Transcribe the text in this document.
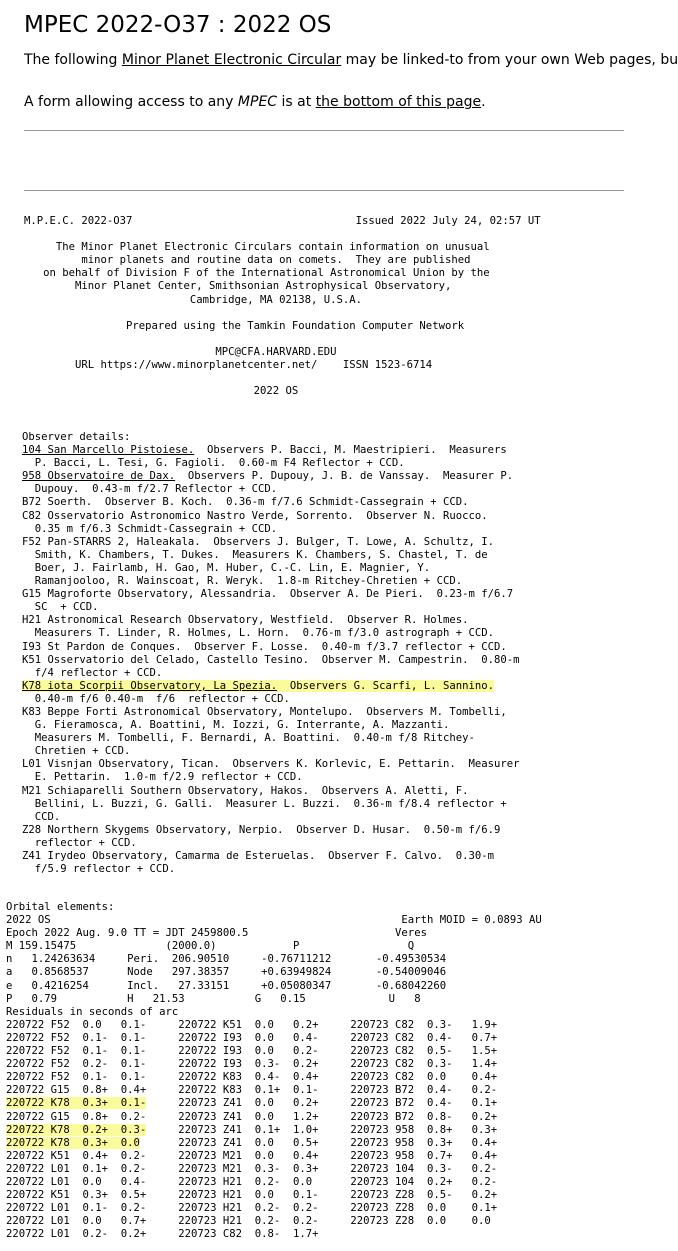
MPEC 2022-O37 : 2022 OS

The following Minor Planet Electronic Circular may be linked-to from your own Web pages, bu

A form allowing access to any MPEC is at the bottom of this page.

M.P.E.C. 2022-O37                                   Issued 2022 July 24, 02:57 UT
The Minor Planet Electronic Circulars contain information on unusual
minor planets and routine data on comets.  They are published
on behalf of Division F of the International Astronomical Union by the
Minor Planet Center, Smithsonian Astrophysical Observatory,
Cambridge, MA 02138, U.S.A.
Prepared using the Tamkin Foundation Computer Network
MPC@CFA.HARVARD.EDU
URL https://www.minorplanetcenter.net/    ISSN 1523-6714
2022 OS
Observer details:
104 San Marcello Pistoiese.  Observers P. Bacci, M. Maestripieri.  Measurers
P. Bacci, L. Tesi, G. Fagioli.  0.60-m F4 Reflector + CCD.
958 Observatoire de Dax.  Observers P. Dupouy, J. B. de Vanssay.  Measurer P.
Dupouy.  0.43-m f/2.7 Reflector + CCD.
B72 Soerth.  Observer B. Koch.  0.36-m f/7.6 Schmidt-Cassegrain + CCD.
C82 Osservatorio Astronomico Nastro Verde, Sorrento.  Observer N. Ruocco.
0.35 m f/6.3 Schmidt-Cassegrain + CCD.
F52 Pan-STARRS 2, Haleakala.  Observers J. Bulger, T. Lowe, A. Schultz, I.
Smith, K. Chambers, T. Dukes.  Measurers K. Chambers, S. Chastel, T. de
Boer, J. Fairlamb, H. Gao, M. Huber, C.-C. Lin, E. Magnier, Y.
Ramanjooloo, R. Wainscoat, R. Weryk.  1.8-m Ritchey-Chretien + CCD.
G15 Magroforte Observatory, Alessandria.  Observer A. De Pieri.  0.23-m f/6.7
SC  + CCD.
H21 Astronomical Research Observatory, Westfield.  Observer R. Holmes.
Measurers T. Linder, R. Holmes, L. Horn.  0.76-m f/3.0 astrograph + CCD.
I93 St Pardon de Conques.  Observer F. Losse.  0.40-m f/3.7 reflector + CCD.
K51 Osservatorio del Celado, Castello Tesino.  Observer M. Campestrin.  0.80-m
f/4 reflector + CCD.
K78 iota Scorpii Observatory, La Spezia.  Observers G. Scarfi, L. Sannino.
0.40-m f/6 0.40-m  f/6  reflector + CCD.
K83 Beppe Forti Astronomical Observatory, Montelupo.  Observers M. Tombelli,
G. Fieramosca, A. Boattini, M. Iozzi, G. Interrante, A. Mazzanti.
Measurers M. Tombelli, F. Bernardi, A. Boattini.  0.40-m f/8 Ritchey-
Chretien + CCD.
L01 Visnjan Observatory, Tican.  Observers K. Korlevic, E. Pettarin.  Measurer
E. Pettarin.  1.0-m f/2.9 reflector + CCD.
M21 Schiaparelli Southern Observatory, Hakos.  Observers A. Aletti, F.
Bellini, L. Buzzi, G. Galli.  Measurer L. Buzzi.  0.36-m f/8.4 reflector +
CCD.
Z28 Northern Skygems Observatory, Nerpio.  Observer D. Husar.  0.50-m f/6.9
reflector + CCD.
Z41 Irydeo Observatory, Camarma de Esteruelas.  Observer F. Calvo.  0.30-m
f/5.9 reflector + CCD.
Orbital elements:
2022 OS                                                       Earth MOID = 0.0893 AU
Epoch 2022 Aug. 9.0 TT = JDT 2459800.5                       Veres
M 159.15475              (2000.0)            P                 Q
n   1.24263634     Peri.  206.90510     -0.76711212       -0.49530534
a   0.8568537      Node   297.38357     +0.63949824       -0.54009046
e   0.4216254      Incl.   27.33151     +0.05080347       -0.68042260
P   0.79           H   21.53           G   0.15             U   8
Residuals in seconds of arc
220722 F52  0.0   0.1-     220722 K51  0.0   0.2+     220723 C82  0.3-   1.9+
220722 F52  0.1-  0.1-     220722 I93  0.0   0.4-     220723 C82  0.4-   0.7+
220722 F52  0.1-  0.1-     220722 I93  0.0   0.2-     220723 C82  0.5-   1.5+
220722 F52  0.2-  0.1-     220722 I93  0.3-  0.2+     220723 C82  0.3-   1.4+
220722 F52  0.1-  0.1-     220722 K83  0.4-  0.4+     220723 C82  0.0    0.4+
220722 G15  0.8+  0.4+     220722 K83  0.1+  0.1-     220723 B72  0.4-   0.2-
220722 K78  0.3+  0.1-     220723 Z41  0.0   0.2+     220723 B72  0.4-   0.1+
220722 G15  0.8+  0.2-     220723 Z41  0.0   1.2+     220723 B72  0.8-   0.2+
220722 K78  0.2+  0.3-     220723 Z41  0.1+  1.0+     220723 958  0.8+   0.3+
220722 K78  0.3+  0.0      220723 Z41  0.0   0.5+     220723 958  0.3+   0.4+
220722 K51  0.4+  0.2-     220723 M21  0.0   0.4+     220723 958  0.7+   0.4+
220722 L01  0.1+  0.2-     220723 M21  0.3-  0.3+     220723 104  0.3-   0.2-
220722 L01  0.0   0.4-     220723 H21  0.2-  0.0      220723 104  0.2+   0.2-
220722 K51  0.3+  0.5+     220723 H21  0.0   0.1-     220723 Z28  0.5-   0.2+
220722 L01  0.1-  0.2-     220723 H21  0.2-  0.2-     220723 Z28  0.0    0.1+
220722 L01  0.0   0.7+     220723 H21  0.2-  0.2-     220723 Z28  0.0    0.0
220722 L01  0.2-  0.2+     220723 C82  0.8-  1.7+
